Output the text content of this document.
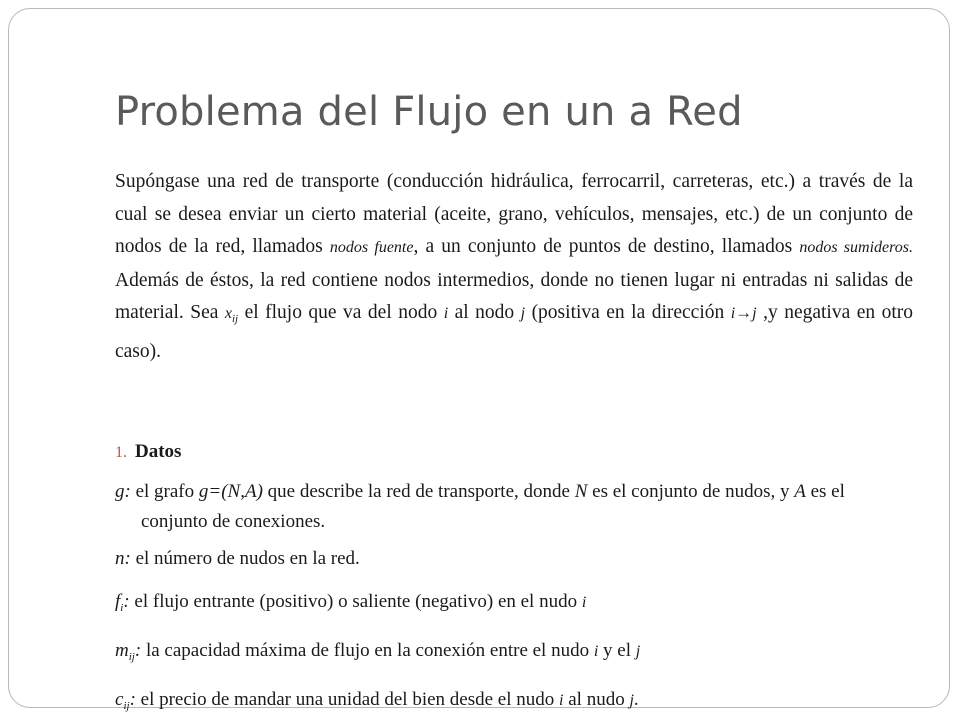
Problema del Flujo en un a Red

Supóngase una red de transporte (conducción hidráulica, ferrocarril, carreteras, etc.) a través de la cual se desea enviar un cierto material (aceite, grano, vehículos, mensajes, etc.) de un conjunto de nodos de la red, llamados nodos fuente, a un conjunto de puntos de destino, llamados nodos sumideros. Además de éstos, la red contiene nodos intermedios, donde no tienen lugar ni entradas ni salidas de material. Sea $x_{ij}$ el flujo que va del nodo i al nodo j (positiva en la dirección i→j ,y negativa en otro caso).

1. Datos
g: el grafo g=(N,A) que describe la red de transporte, donde N es el conjunto de nudos, y A es el conjunto de conexiones.
n: el número de nudos en la red.
$f_i$: el flujo entrante (positivo) o saliente (negativo) en el nudo i
$m_{ij}$: la capacidad máxima de flujo en la conexión entre el nudo i y el j
$c_{ij}$: el precio de mandar una unidad del bien desde el nudo i al nudo j.
